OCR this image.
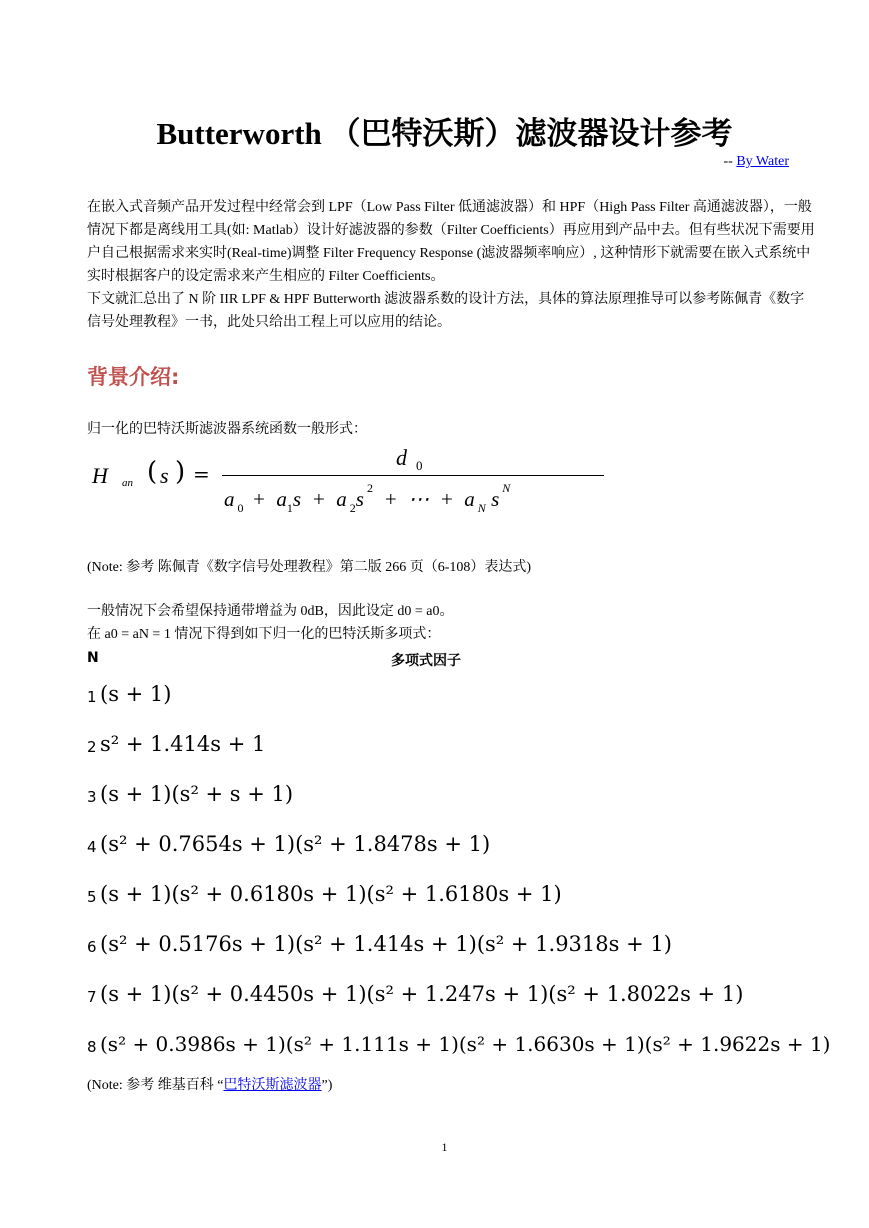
Butterworth （巴特沃斯）滤波器设计参考
-- By Water

在嵌入式音频产品开发过程中经常会到 LPF（Low Pass Filter 低通滤波器）和 HPF（High Pass Filter 高通滤波器），一般情况下都是离线用工具(如: Matlab）设计好滤波器的参数（Filter Coefficients）再应用到产品中去。但有些状况下需要用户自己根据需求来实时(Real-time)调整 Filter Frequency Response (滤波器频率响应）, 这种情形下就需要在嵌入式系统中实时根据客户的设定需求来产生相应的 Filter Coefficients。

下文就汇总出了 N 阶 IIR LPF & HPF Butterworth 滤波器系数的设计方法，具体的算法原理推导可以参考陈佩青《数字信号处理教程》一书，此处只给出工程上可以应用的结论。

背景介绍:
归一化的巴特沃斯滤波器系统函数一般形式：
H an ( s ) =
d 0
a $_0 + a_1s + a$ $_2$s $^2$  +  ⋯  +  a $_N$ s $^N$
(Note: 参考 陈佩青《数字信号处理教程》第二版 266 页（6-108）表达式)
一般情况下会希望保持通带增益为 0dB，因此设定 d0 = a0。
在 a0 = aN = 1 情况下得到如下归一化的巴特沃斯多项式：
N	多项式因子
1 (s + 1)
2 s² + 1.414s + 1
3 (s + 1)(s² + s + 1)
4 (s² + 0.7654s + 1)(s² + 1.8478s + 1)
5 (s + 1)(s² + 0.6180s + 1)(s² + 1.6180s + 1)
6 (s² + 0.5176s + 1)(s² + 1.414s + 1)(s² + 1.9318s + 1)
7 (s + 1)(s² + 0.4450s + 1)(s² + 1.247s + 1)(s² + 1.8022s + 1)
8 (s² + 0.3986s + 1)(s² + 1.111s + 1)(s² + 1.6630s + 1)(s² + 1.9622s + 1)
(Note: 参考 维基百科 “巴特沃斯滤波器”)
1
